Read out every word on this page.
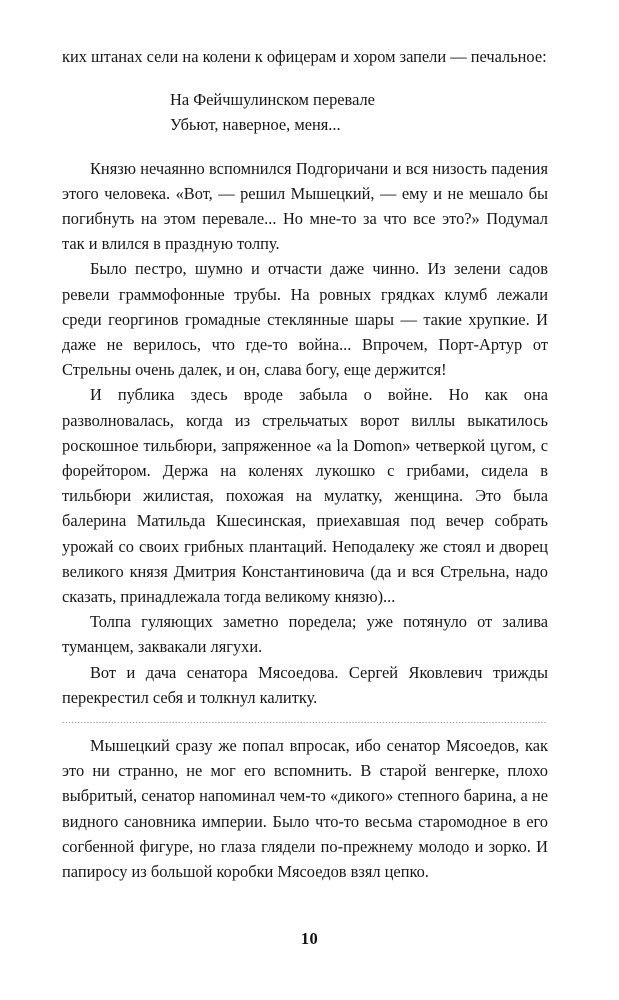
ких штанах сели на колени к офицерам и хором запели — печальное:

На Фейчшулинском перевале

Убьют, наверное, меня...

Князю нечаянно вспомнился Подгоричани и вся низость падения этого человека. «Вот, — решил Мышецкий, — ему и не мешало бы погибнуть на этом перевале... Но мне-то за что все это?» Подумал так и влился в праздную толпу.

Было пестро, шумно и отчасти даже чинно. Из зелени садов ревели граммофонные трубы. На ровных грядках клумб лежали среди георгинов громадные стеклянные шары — такие хрупкие. И даже не верилось, что где-то война... Впрочем, Порт-Артур от Стрельны очень далек, и он, слава богу, еще держится!

И публика здесь вроде забыла о войне. Но как она разволновалась, когда из стрельчатых ворот виллы выкатилось роскошное тильбюри, запряженное «a la Domon» четверкой цугом, с форейтором. Держа на коленях лукошко с грибами, сидела в тильбюри жилистая, похожая на мулатку, женщина. Это была балерина Матильда Кшесинская, приехавшая под вечер собрать урожай со своих грибных плантаций. Неподалеку же стоял и дворец великого князя Дмитрия Константиновича (да и вся Стрельна, надо сказать, принадлежала тогда великому князю)...

Толпа гуляющих заметно поредела; уже потянуло от залива туманцем, заквакали лягухи.

Вот и дача сенатора Мясоедова. Сергей Яковлевич трижды перекрестил себя и толкнул калитку.

Мышецкий сразу же попал впросак, ибо сенатор Мясоедов, как это ни странно, не мог его вспомнить. В старой венгерке, плохо выбритый, сенатор напоминал чем-то «дикого» степного барина, а не видного сановника империи. Было что-то весьма старомодное в его согбенной фигуре, но глаза глядели по-прежнему молодо и зорко. И папиросу из большой коробки Мясоедов взял цепко.

10
